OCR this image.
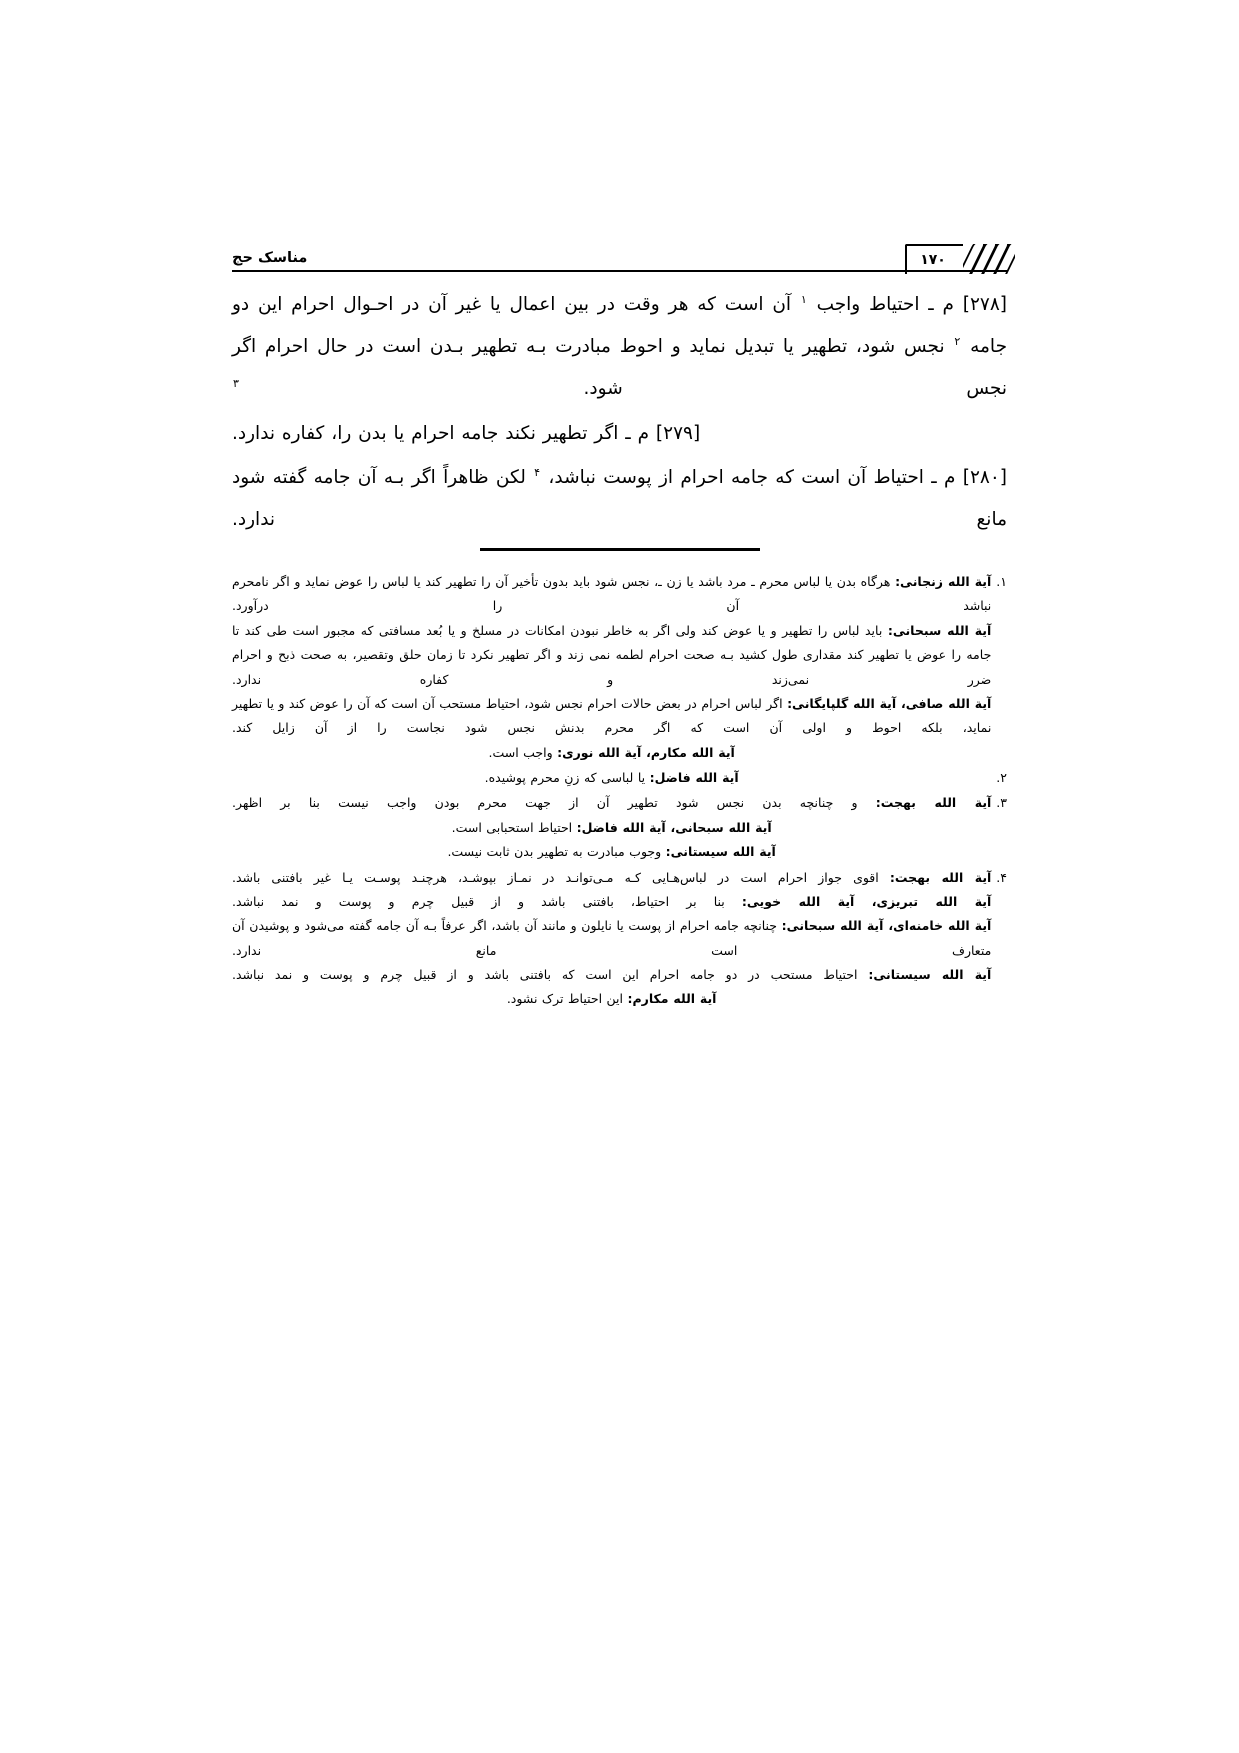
مناسک حج	۱۷۰

[۲۷۸] م ـ احتیاط واجب $^۱$ آن است که هر وقت در بین اعمال یا غیر آن در احـوال احرام این دو جامه $^۲$ نجس شود، تطهیر یا تبدیل نماید و احوط مبادرت بـه تطهیر بـدن است در حال احرام اگر نجس شود. $^۳$

[۲۷۹] م ـ اگر تطهیر نکند جامه احرام یا بدن را، کفاره ندارد.

[۲۸۰] م ـ احتیاط آن است که جامه احرام از پوست نباشد، $^۴$ لکن ظاهراً اگر بـه آن جامه گفته شود مانع ندارد.

۱.

آیة الله زنجانی: هرگاه بدن یا لباس محرم ـ مرد باشد یا زن ـ، نجس شود باید بدون تأخیر آن را تطهیر کند یا لباس را عوض نماید و اگر نامحرم نباشد آن را درآورد.

آیة الله سبحانی: باید لباس را تطهیر و یا عوض کند ولی اگر به خاطر نبودن امکانات در مسلخ و یا بُعد مسافتی که مجبور است طی کند تا جامه را عوض یا تطهیر کند مقداری طول کشید بـه صحت احرام لطمه نمی زند و اگر تطهیر نکرد تا زمان حلق وتقصیر، به صحت ذبح و احرام ضرر نمی‌زند و کفاره ندارد.

آیة الله صافی، آیة الله گلپایگانی: اگر لباس احرام در بعض حالات احرام نجس شود، احتیاط مستحب آن است که آن را عوض کند و یا تطهیر نماید، بلکه احوط و اولی آن است که اگر محرم بدنش نجس شود نجاست را از آن زایل کند.

آیة الله مکارم، آیة الله نوری: واجب است.

۲.

آیة الله فاضل: یا لباسی که زنِ محرم پوشیده.

۳.

آیة الله بهجت: و چنانچه بدن نجس شود تطهیر آن از جهت محرم بودن واجب نیست بنا بر اظهر.

آیة الله سبحانی، آیة الله فاضل: احتیاط استحبابی است.

آیة الله سیستانی: وجوب مبادرت به تطهیر بدن ثابت نیست.

۴.

آیة الله بهجت: اقوی جواز احرام است در لباس‌هـایی کـه مـی‌توانـد در نمـاز بپوشـد، هرچنـد پوسـت یـا غیر بافتنی باشد.

آیة الله تبریزی، آیة الله خویی: بنا بر احتیاط، بافتنی باشد و از قبیل چرم و پوست و نمد نباشد.

آیة الله خامنه‌ای، آیة الله سبحانی: چنانچه جامه احرام از پوست یا نایلون و مانند آن باشد، اگر عرفاً بـه آن جامه گفته می‌شود و پوشیدن آن متعارف است مانع ندارد.

آیة الله سیستانی: احتیاط مستحب در دو جامه احرام این است که بافتنی باشد و از قبیل چرم و پوست و نمد نباشد.

آیة الله مکارم: این احتیاط ترک نشود.
